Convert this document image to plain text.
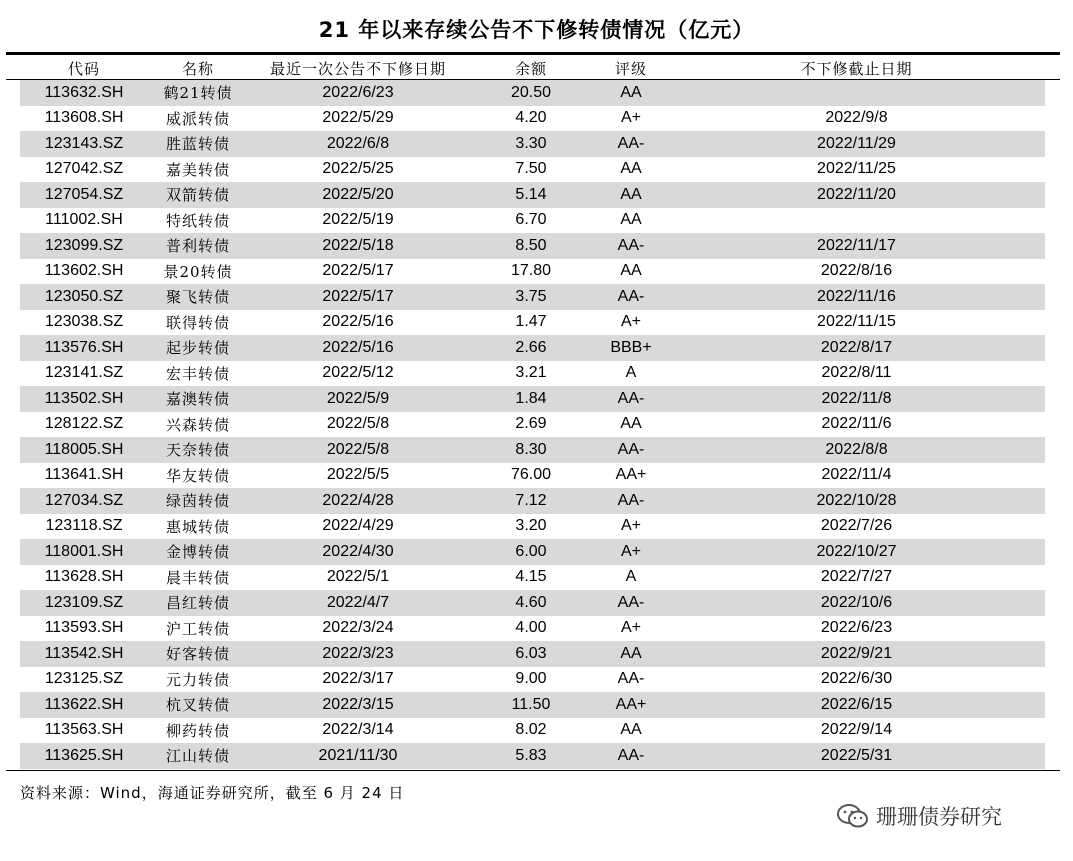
21 年以来存续公告不下修转债情况（亿元）
代码	名称	最近一次公告不下修日期	余额	评级	不下修截止日期
113632.SH	鹤21转债	2022/6/23	20.50	AA	
113608.SH	威派转债	2022/5/29	4.20	A+	2022/9/8
123143.SZ	胜蓝转债	2022/6/8	3.30	AA-	2022/11/29
127042.SZ	嘉美转债	2022/5/25	7.50	AA	2022/11/25
127054.SZ	双箭转债	2022/5/20	5.14	AA	2022/11/20
111002.SH	特纸转债	2022/5/19	6.70	AA	
123099.SZ	普利转债	2022/5/18	8.50	AA-	2022/11/17
113602.SH	景20转债	2022/5/17	17.80	AA	2022/8/16
123050.SZ	聚飞转债	2022/5/17	3.75	AA-	2022/11/16
123038.SZ	联得转债	2022/5/16	1.47	A+	2022/11/15
113576.SH	起步转债	2022/5/16	2.66	BBB+	2022/8/17
123141.SZ	宏丰转债	2022/5/12	3.21	A	2022/8/11
113502.SH	嘉澳转债	2022/5/9	1.84	AA-	2022/11/8
128122.SZ	兴森转债	2022/5/8	2.69	AA	2022/11/6
118005.SH	天奈转债	2022/5/8	8.30	AA-	2022/8/8
113641.SH	华友转债	2022/5/5	76.00	AA+	2022/11/4
127034.SZ	绿茵转债	2022/4/28	7.12	AA-	2022/10/28
123118.SZ	惠城转债	2022/4/29	3.20	A+	2022/7/26
118001.SH	金博转债	2022/4/30	6.00	A+	2022/10/27
113628.SH	晨丰转债	2022/5/1	4.15	A	2022/7/27
123109.SZ	昌红转债	2022/4/7	4.60	AA-	2022/10/6
113593.SH	沪工转债	2022/3/24	4.00	A+	2022/6/23
113542.SH	好客转债	2022/3/23	6.03	AA	2022/9/21
123125.SZ	元力转债	2022/3/17	9.00	AA-	2022/6/30
113622.SH	杭叉转债	2022/3/15	11.50	AA+	2022/6/15
113563.SH	柳药转债	2022/3/14	8.02	AA	2022/9/14
113625.SH	江山转债	2021/11/30	5.83	AA-	2022/5/31
资料来源：Wind，海通证券研究所，截至 6 月 24 日
珊珊债券研究
